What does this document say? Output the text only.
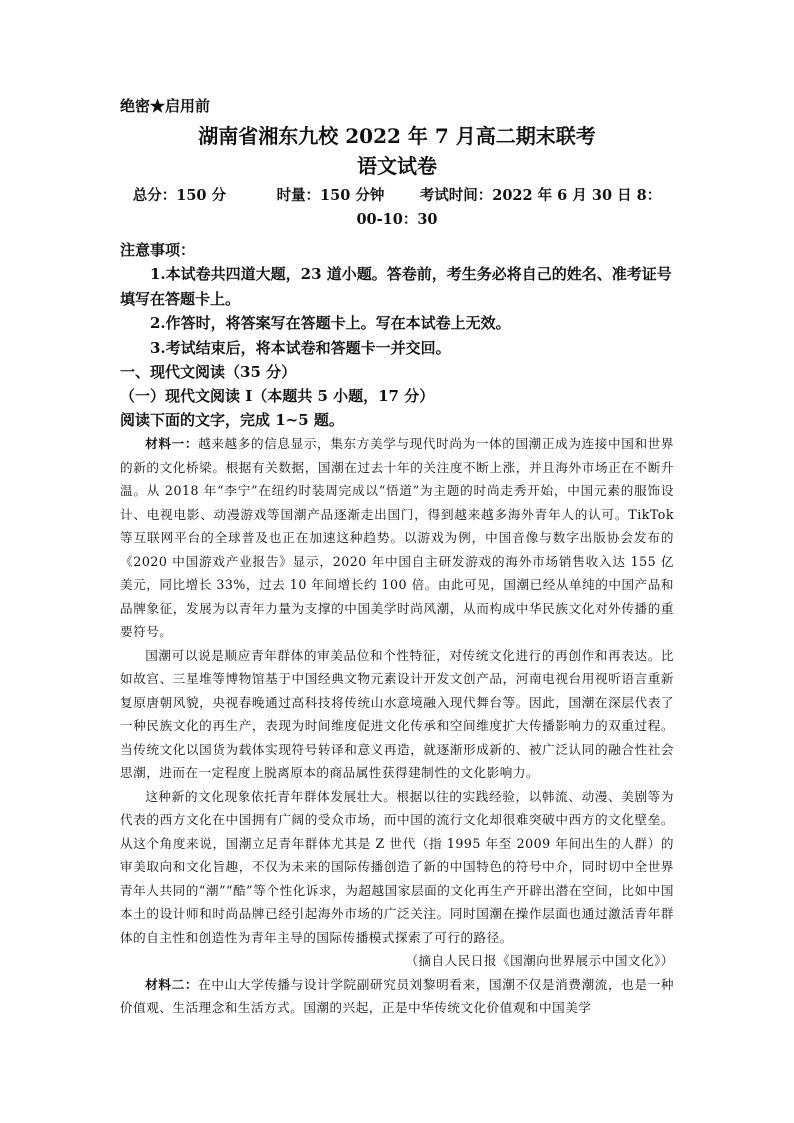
绝密★启用前
湖南省湘东九校 2022 年 7 月高二期末联考
语文试卷
总分：150 分	时量：150 分钟 考试时间：2022 年 6 月 30 日 8：00-10：30
注意事项：
1.本试卷共四道大题，23 道小题。答卷前，考生务必将自己的姓名、准考证号填写在答题卡上。
2.作答时，将答案写在答题卡上。写在本试卷上无效。
3.考试结束后，将本试卷和答题卡一并交回。
一、现代文阅读（35 分）
（一）现代文阅读 I（本题共 5 小题，17 分）
阅读下面的文字，完成 1~5 题。
材料一：越来越多的信息显示，集东方美学与现代时尚为一体的国潮正成为连接中国和世界的新的文化桥梁。根据有关数据，国潮在过去十年的关注度不断上涨，并且海外市场正在不断升温。从 2018 年“李宁”在纽约时装周完成以“悟道”为主题的时尚走秀开始，中国元素的服饰设计、电视电影、动漫游戏等国潮产品逐渐走出国门，得到越来越多海外青年人的认可。TikTok 等互联网平台的全球普及也正在加速这种趋势。以游戏为例，中国音像与数字出版协会发布的《2020 中国游戏产业报告》显示，2020 年中国自主研发游戏的海外市场销售收入达 155 亿美元，同比增长 33%，过去 10 年间增长约 100 倍。由此可见，国潮已经从单纯的中国产品和品牌象征，发展为以青年力量为支撑的中国美学时尚风潮，从而构成中华民族文化对外传播的重要符号。
国潮可以说是顺应青年群体的审美品位和个性特征，对传统文化进行的再创作和再表达。比如故宫、三星堆等博物馆基于中国经典文物元素设计开发文创产品，河南电视台用视听语言重新复原唐朝风貌，央视春晚通过高科技将传统山水意境融入现代舞台等。因此，国潮在深层代表了一种民族文化的再生产，表现为时间维度促进文化传承和空间维度扩大传播影响力的双重过程。当传统文化以国货为载体实现符号转译和意义再造，就逐渐形成新的、被广泛认同的融合性社会思潮，进而在一定程度上脱离原本的商品属性获得建制性的文化影响力。
这种新的文化现象依托青年群体发展壮大。根据以往的实践经验，以韩流、动漫、美剧等为代表的西方文化在中国拥有广阔的受众市场，而中国的流行文化却很难突破中西方的文化壁垒。从这个角度来说，国潮立足青年群体尤其是 Z 世代（指 1995 年至 2009 年间出生的人群）的审美取向和文化旨趣，不仅为未来的国际传播创造了新的中国特色的符号中介，同时切中全世界青年人共同的“潮”“酷”等个性化诉求，为超越国家层面的文化再生产开辟出潜在空间，比如中国本土的设计师和时尚品牌已经引起海外市场的广泛关注。同时国潮在操作层面也通过激活青年群体的自主性和创造性为青年主导的国际传播模式探索了可行的路径。
（摘自人民日报《国潮向世界展示中国文化》）
材料二：在中山大学传播与设计学院副研究员刘黎明看来，国潮不仅是消费潮流，也是一种价值观、生活理念和生活方式。国潮的兴起，正是中华传统文化价值观和中国美学
